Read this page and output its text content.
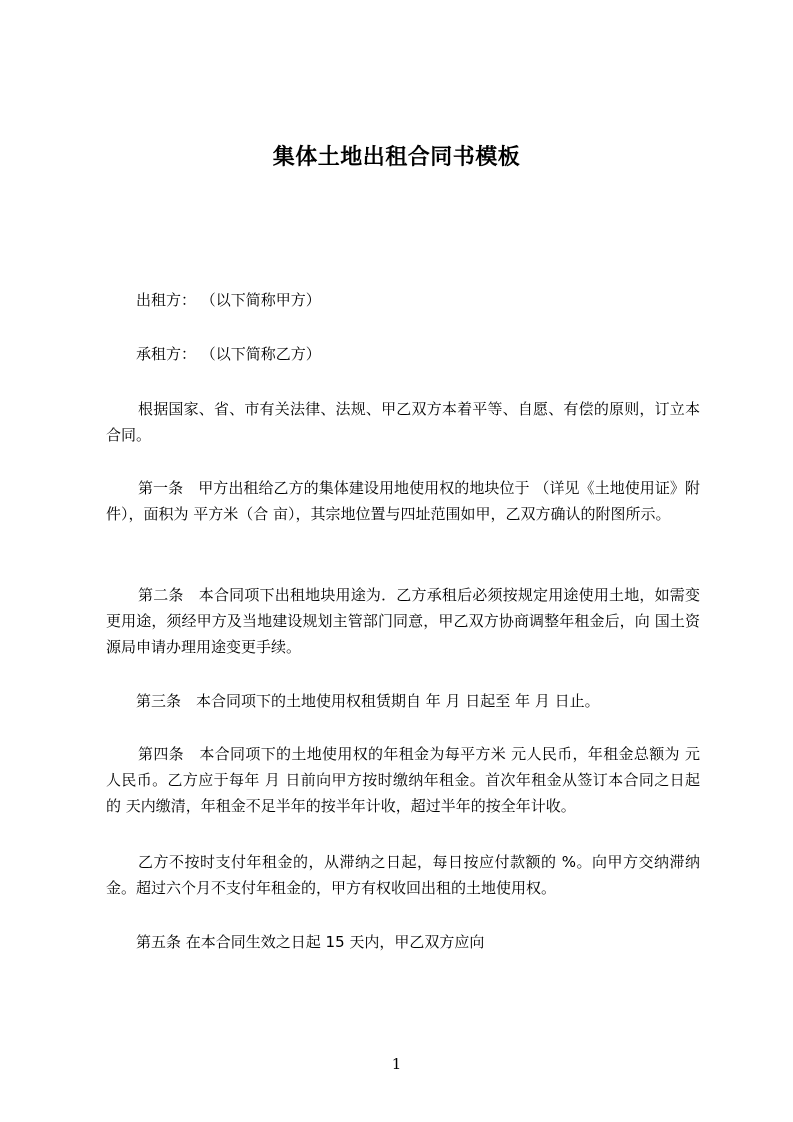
集体土地出租合同书模板
出租方： （以下简称甲方）
承租方： （以下简称乙方）
根据国家、省、市有关法律、法规、甲乙双方本着平等、自愿、有偿的原则，订立本合同。
第一条　甲方出租给乙方的集体建设用地使用权的地块位于 （详见《土地使用证》附件），面积为 平方米（合 亩），其宗地位置与四址范围如甲，乙双方确认的附图所示。
第二条　本合同项下出租地块用途为．乙方承租后必须按规定用途使用土地，如需变更用途，须经甲方及当地建设规划主管部门同意，甲乙双方协商调整年租金后，向 国土资源局申请办理用途变更手续。
第三条　本合同项下的土地使用权租赁期自 年 月 日起至 年 月 日止。
第四条　本合同项下的土地使用权的年租金为每平方米 元人民币，年租金总额为 元人民币。乙方应于每年 月 日前向甲方按时缴纳年租金。首次年租金从签订本合同之日起的 天内缴清，年租金不足半年的按半年计收，超过半年的按全年计收。
乙方不按时支付年租金的，从滞纳之日起，每日按应付款额的 %。向甲方交纳滞纳金。超过六个月不支付年租金的，甲方有权收回出租的土地使用权。
第五条 在本合同生效之日起 15 天内，甲乙双方应向
1
